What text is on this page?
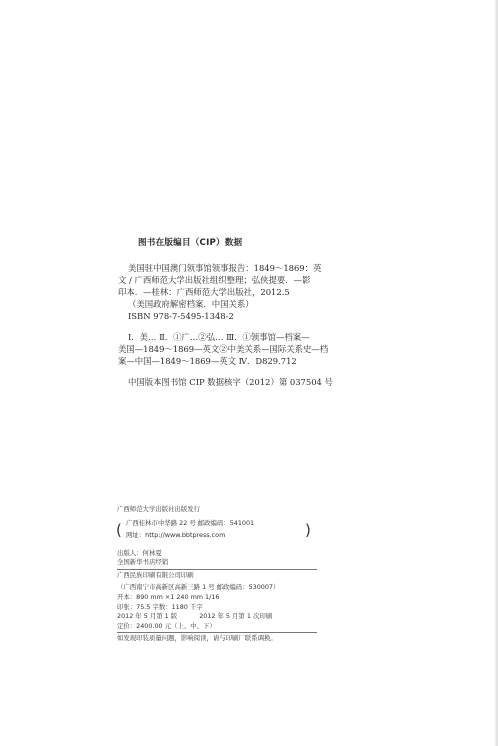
图书在版编目（CIP）数据
美国驻中国澳门领事馆领事报告：1849～1869：英
文 / 广西师范大学出版社组织整理；弘侠提要．—影
印本．—桂林：广西师范大学出版社，2012.5
（美国政府解密档案．中国关系）
ISBN 978-7-5495-1348-2
Ⅰ．美… Ⅱ．①广…②弘… Ⅲ．①领事馆—档案—
美国—1849～1869—英文②中美关系—国际关系史—档
案—中国—1849～1869—英文 Ⅳ．D829.712
中国版本图书馆 CIP 数据核字（2012）第 037504 号
广西师范大学出版社出版发行
( 广西桂林市中华路 22 号 邮政编码：541001
网址：http://www.bbtpress.com	)
出版人：何林夏
全国新华书店经销
广西民族印刷有限公司印刷
（广西南宁市高新区高新三路 1 号 邮政编码：530007）
开本：890 mm ×1 240 mm 1/16
印张：75.5 字数：1180 千字
2012 年 5 月第 1 版	2012 年 5 月第 1 次印刷
定价：2400.00 元（上、中、下）
如发现印装质量问题，影响阅读，请与印刷厂联系调换。
